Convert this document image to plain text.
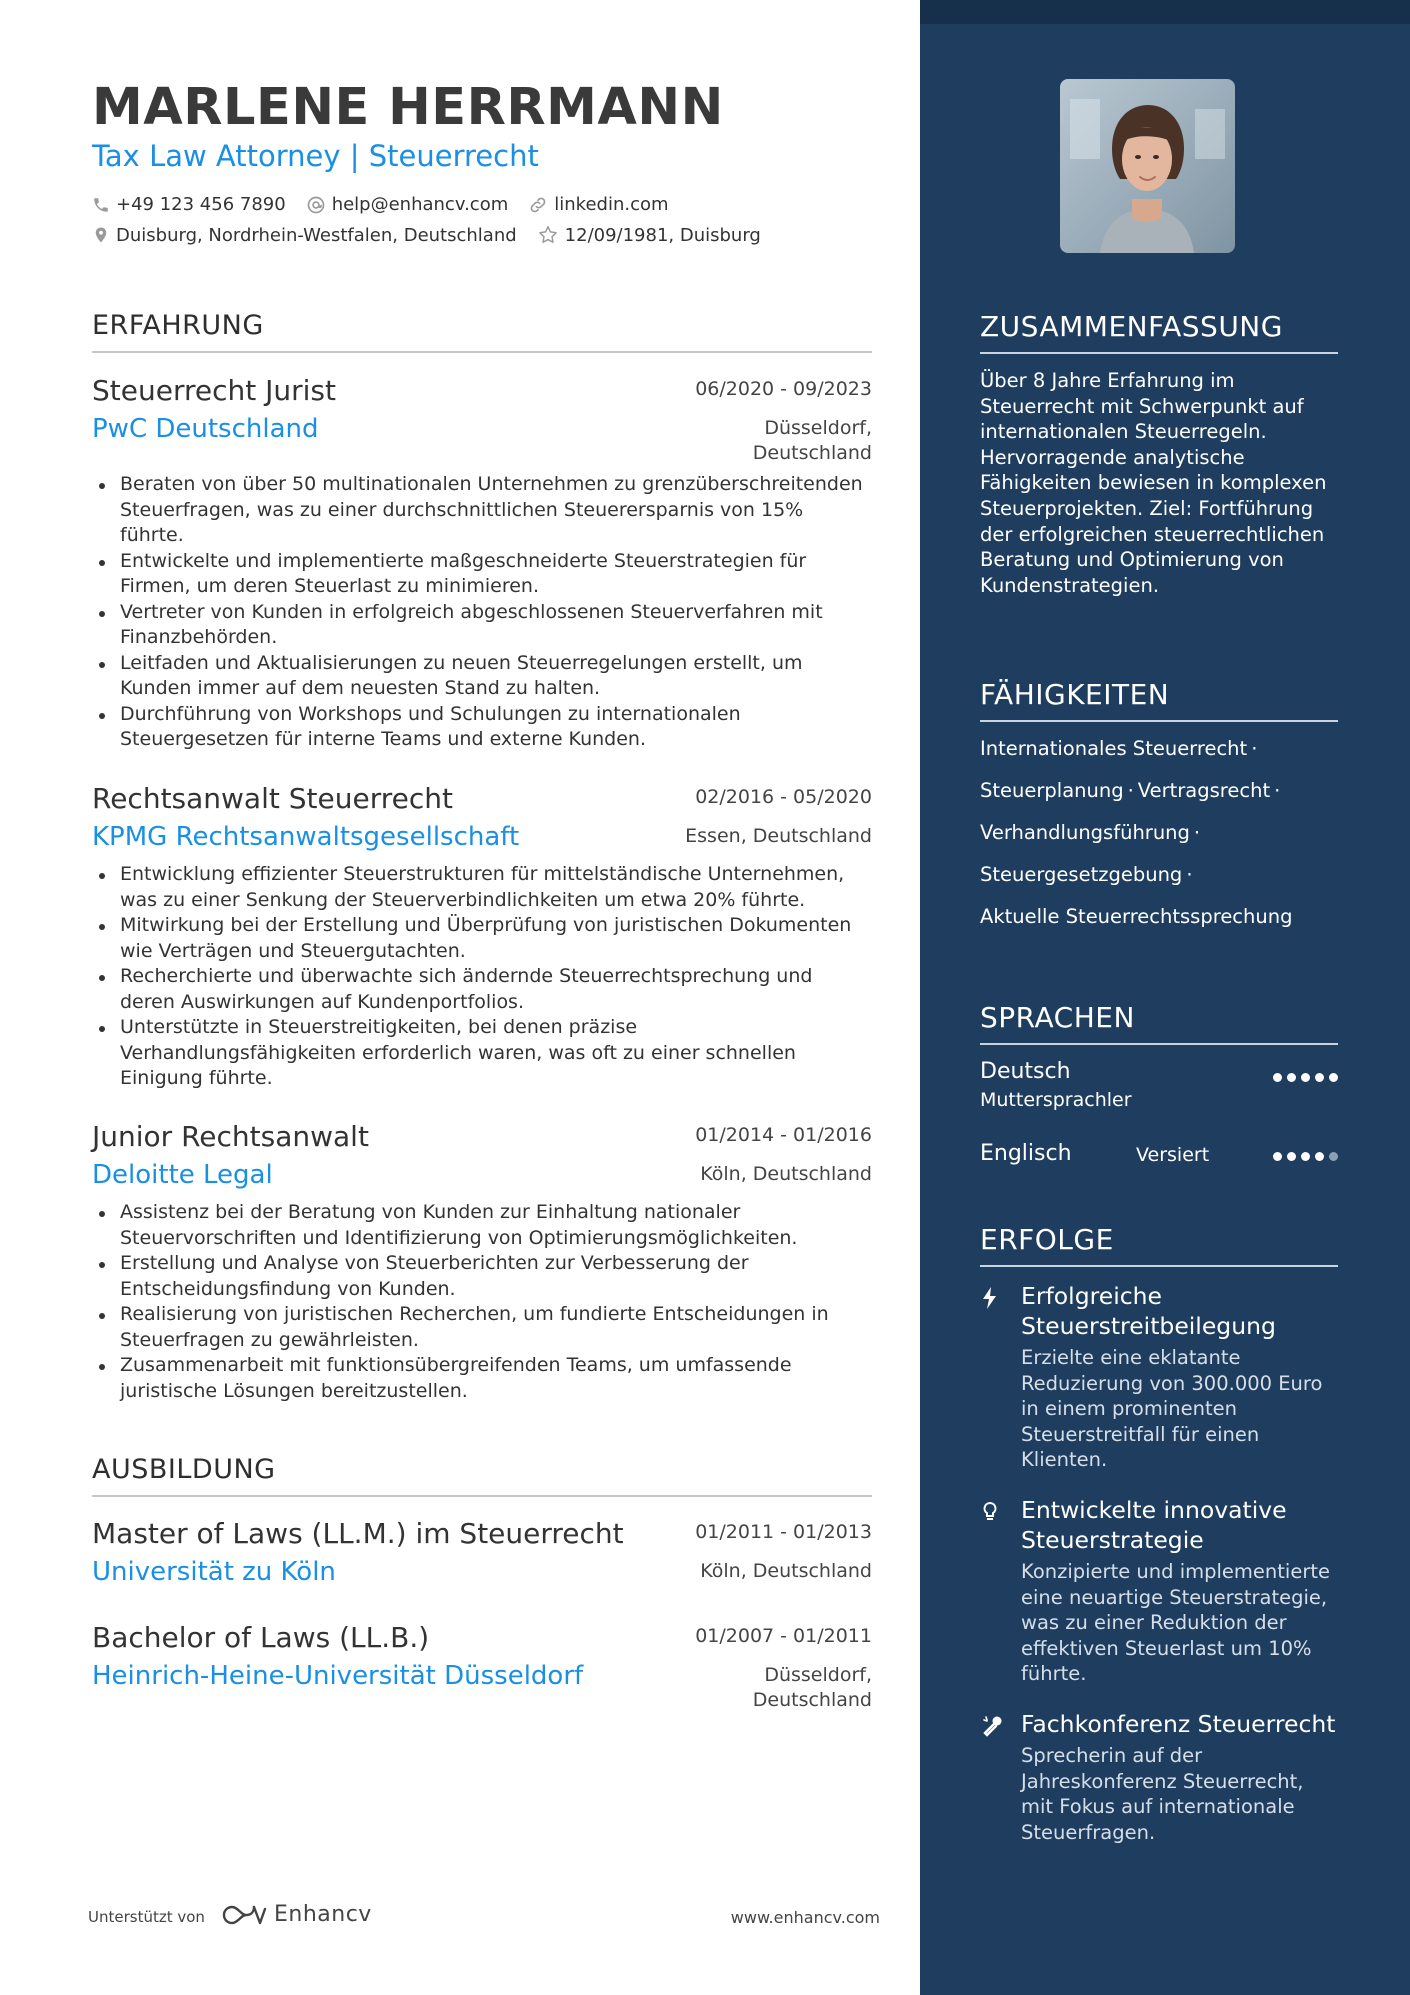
MARLENE HERRMANN
Tax Law Attorney | Steuerrecht
+49 123 456 7890	help@enhancv.com	linkedin.com
Duisburg, Nordrhein-Westfalen, Deutschland	12/09/1981, Duisburg
ERFAHRUNG
Steuerrecht Jurist	06/2020 - 09/2023
PwC Deutschland	Düsseldorf, Deutschland
Beraten von über 50 multinationalen Unternehmen zu grenzüberschreitenden Steuerfragen, was zu einer durchschnittlichen Steuerersparnis von 15% führte.
Entwickelte und implementierte maßgeschneiderte Steuerstrategien für Firmen, um deren Steuerlast zu minimieren.
Vertreter von Kunden in erfolgreich abgeschlossenen Steuerverfahren mit Finanzbehörden.
Leitfaden und Aktualisierungen zu neuen Steuerregelungen erstellt, um Kunden immer auf dem neuesten Stand zu halten.
Durchführung von Workshops und Schulungen zu internationalen Steuergesetzen für interne Teams und externe Kunden.
Rechtsanwalt Steuerrecht	02/2016 - 05/2020
KPMG Rechtsanwaltsgesellschaft	Essen, Deutschland
Entwicklung effizienter Steuerstrukturen für mittelständische Unternehmen, was zu einer Senkung der Steuerverbindlichkeiten um etwa 20% führte.
Mitwirkung bei der Erstellung und Überprüfung von juristischen Dokumenten wie Verträgen und Steuergutachten.
Recherchierte und überwachte sich ändernde Steuerrechtsprechung und deren Auswirkungen auf Kundenportfolios.
Unterstützte in Steuerstreitigkeiten, bei denen präzise Verhandlungsfähigkeiten erforderlich waren, was oft zu einer schnellen Einigung führte.
Junior Rechtsanwalt	01/2014 - 01/2016
Deloitte Legal	Köln, Deutschland
Assistenz bei der Beratung von Kunden zur Einhaltung nationaler Steuervorschriften und Identifizierung von Optimierungsmöglichkeiten.
Erstellung und Analyse von Steuerberichten zur Verbesserung der Entscheidungsfindung von Kunden.
Realisierung von juristischen Recherchen, um fundierte Entscheidungen in Steuerfragen zu gewährleisten.
Zusammenarbeit mit funktionsübergreifenden Teams, um umfassende juristische Lösungen bereitzustellen.
AUSBILDUNG
Master of Laws (LL.M.) im Steuerrecht	01/2011 - 01/2013
Universität zu Köln	Köln, Deutschland
Bachelor of Laws (LL.B.)	01/2007 - 01/2011
Heinrich-Heine-Universität Düsseldorf	Düsseldorf, Deutschland
Unterstützt von	Enhancv	www.enhancv.com
ZUSAMMENFASSUNG
Über 8 Jahre Erfahrung im Steuerrecht mit Schwerpunkt auf internationalen Steuerregeln. Hervorragende analytische Fähigkeiten bewiesen in komplexen Steuerprojekten. Ziel: Fortführung der erfolgreichen steuerrechtlichen Beratung und Optimierung von Kundenstrategien.
FÄHIGKEITEN
Internationales Steuerrecht ·
Steuerplanung · Vertragsrecht ·
Verhandlungsführung ·
Steuergesetzgebung ·
Aktuelle Steuerrechtssprechung
SPRACHEN
Deutsch
Muttersprachler
Englisch	Versiert
ERFOLGE
Erfolgreiche Steuerstreitbeilegung
Erzielte eine eklatante Reduzierung von 300.000 Euro in einem prominenten Steuerstreitfall für einen Klienten.
Entwickelte innovative Steuerstrategie
Konzipierte und implementierte eine neuartige Steuerstrategie, was zu einer Reduktion der effektiven Steuerlast um 10% führte.
Fachkonferenz Steuerrecht
Sprecherin auf der Jahreskonferenz Steuerrecht, mit Fokus auf internationale Steuerfragen.
